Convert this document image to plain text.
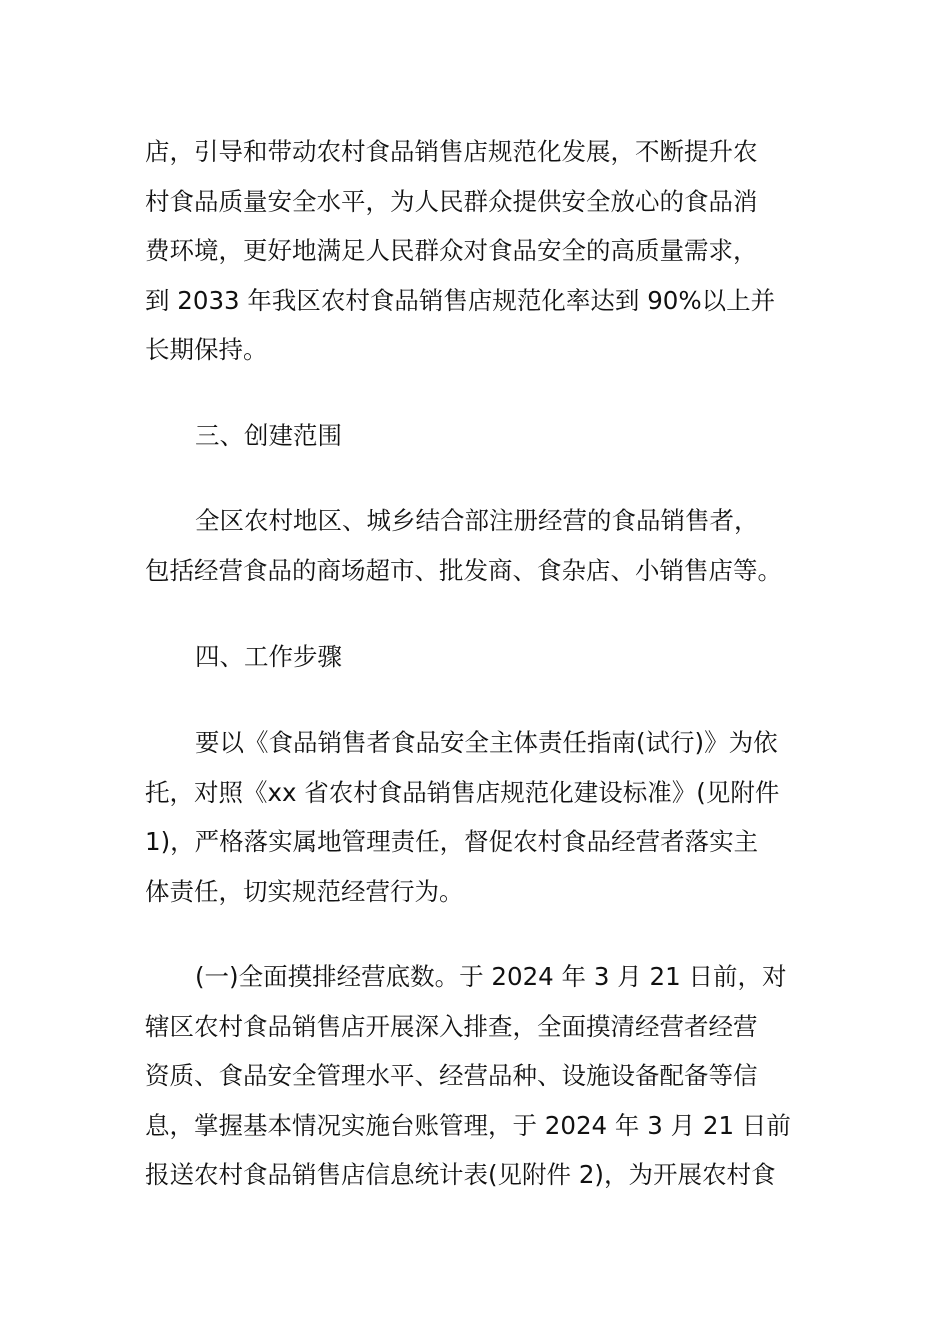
店，引导和带动农村食品销售店规范化发展，不断提升农
村食品质量安全水平，为人民群众提供安全放心的食品消
费环境，更好地满足人民群众对食品安全的高质量需求，
到 2033 年我区农村食品销售店规范化率达到 90%以上并
长期保持。
三、创建范围
全区农村地区、城乡结合部注册经营的食品销售者，
包括经营食品的商场超市、批发商、食杂店、小销售店等。
四、工作步骤
要以《食品销售者食品安全主体责任指南(试行)》为依
托，对照《xx 省农村食品销售店规范化建设标准》(见附件
1)，严格落实属地管理责任，督促农村食品经营者落实主
体责任，切实规范经营行为。
(一)全面摸排经营底数。于 2024 年 3 月 21 日前，对
辖区农村食品销售店开展深入排查，全面摸清经营者经营
资质、食品安全管理水平、经营品种、设施设备配备等信
息，掌握基本情况实施台账管理，于 2024 年 3 月 21 日前
报送农村食品销售店信息统计表(见附件 2)，为开展农村食
